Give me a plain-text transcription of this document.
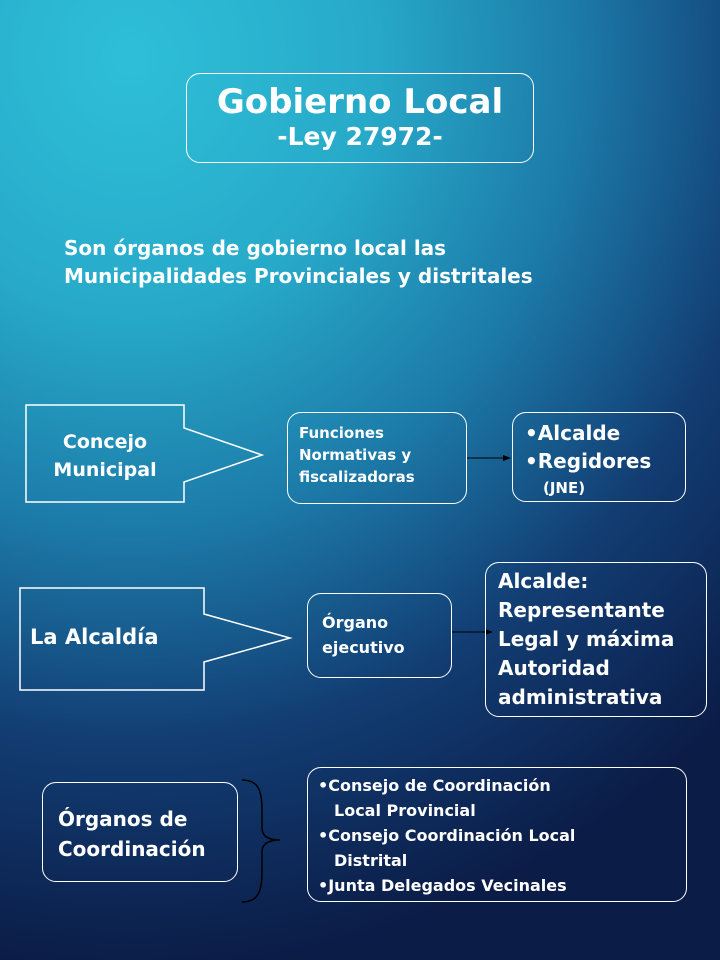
Gobierno Local
-Ley 27972-
Son órganos de gobierno local las
Municipalidades Provinciales y distritales
Concejo
Municipal
Funciones
Normativas y
fiscalizadoras
•Alcalde
•Regidores
(JNE)
La Alcaldía
Órgano
ejecutivo
Alcalde:
Representante
Legal y máxima
Autoridad
administrativa
Órganos de
Coordinación
•Consejo de Coordinación
Local Provincial
•Consejo Coordinación Local
Distrital
•Junta Delegados Vecinales
